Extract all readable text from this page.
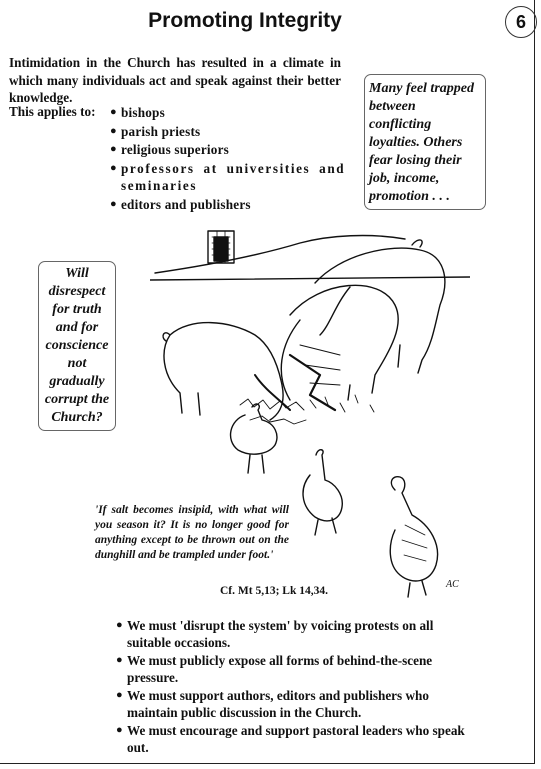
Promoting Integrity	6
Intimidation in the Church has resulted in a climate in which many individuals act and speak against their better knowledge.
This applies to:
●	bishops
● parish priests
● religious superiors
● professors at universities and seminaries
● editors and publishers
Many feel trapped between conflicting loyalties. Others fear losing their job, income, promotion . . .
Will disrespect for truth and for conscience not gradually corrupt the Church?
AC
'If salt becomes insipid, with what will you season it? It is no longer good for anything except to be thrown out on the dunghill and be trampled under foot.'
Cf. Mt 5,13; Lk 14,34.
● We must 'disrupt the system' by voicing protests on all suitable occasions.
● We must publicly expose all forms of behind-the-scene pressure.
● We must support authors, editors and publishers who maintain public discussion in the Church.
● We must encourage and support pastoral leaders who speak out.
